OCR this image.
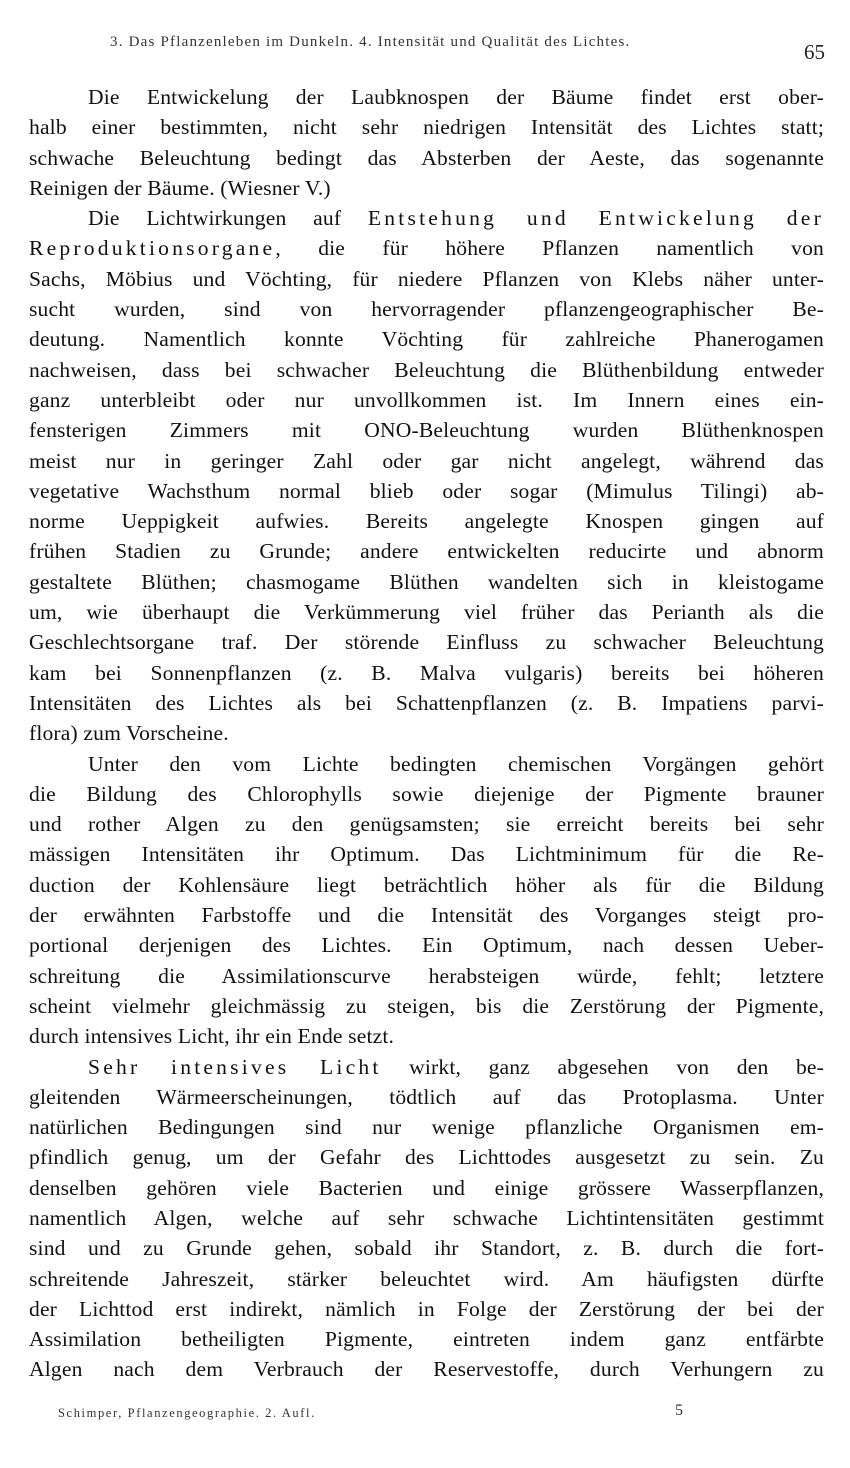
3. Das Pflanzenleben im Dunkeln. 4. Intensität und Qualität des Lichtes.	65
Die Entwickelung der Laubknospen der Bäume findet erst ober-
halb einer bestimmten, nicht sehr niedrigen Intensität des Lichtes statt;
schwache Beleuchtung bedingt das Absterben der Aeste, das sogenannte
Reinigen der Bäume. (Wiesner V.)
Die Lichtwirkungen auf Entstehung und Entwickelung der
Reproduktionsorgane, die für höhere Pflanzen namentlich von
Sachs, Möbius und Vöchting, für niedere Pflanzen von Klebs näher unter-
sucht wurden, sind von hervorragender pflanzengeographischer Be-
deutung. Namentlich konnte Vöchting für zahlreiche Phanerogamen
nachweisen, dass bei schwacher Beleuchtung die Blüthenbildung entweder
ganz unterbleibt oder nur unvollkommen ist. Im Innern eines ein-
fensterigen Zimmers mit ONO-Beleuchtung wurden Blüthenknospen
meist nur in geringer Zahl oder gar nicht angelegt, während das
vegetative Wachsthum normal blieb oder sogar (Mimulus Tilingi) ab-
norme Ueppigkeit aufwies. Bereits angelegte Knospen gingen auf
frühen Stadien zu Grunde; andere entwickelten reducirte und abnorm
gestaltete Blüthen; chasmogame Blüthen wandelten sich in kleistogame
um, wie überhaupt die Verkümmerung viel früher das Perianth als die
Geschlechtsorgane traf. Der störende Einfluss zu schwacher Beleuchtung
kam bei Sonnenpflanzen (z. B. Malva vulgaris) bereits bei höheren
Intensitäten des Lichtes als bei Schattenpflanzen (z. B. Impatiens parvi-
flora) zum Vorscheine.
Unter den vom Lichte bedingten chemischen Vorgängen gehört
die Bildung des Chlorophylls sowie diejenige der Pigmente brauner
und rother Algen zu den genügsamsten; sie erreicht bereits bei sehr
mässigen Intensitäten ihr Optimum. Das Lichtminimum für die Re-
duction der Kohlensäure liegt beträchtlich höher als für die Bildung
der erwähnten Farbstoffe und die Intensität des Vorganges steigt pro-
portional derjenigen des Lichtes. Ein Optimum, nach dessen Ueber-
schreitung die Assimilationscurve herabsteigen würde, fehlt; letztere
scheint vielmehr gleichmässig zu steigen, bis die Zerstörung der Pigmente,
durch intensives Licht, ihr ein Ende setzt.
Sehr intensives Licht wirkt, ganz abgesehen von den be-
gleitenden Wärmeerscheinungen, tödtlich auf das Protoplasma. Unter
natürlichen Bedingungen sind nur wenige pflanzliche Organismen em-
pfindlich genug, um der Gefahr des Lichttodes ausgesetzt zu sein. Zu
denselben gehören viele Bacterien und einige grössere Wasserpflanzen,
namentlich Algen, welche auf sehr schwache Lichtintensitäten gestimmt
sind und zu Grunde gehen, sobald ihr Standort, z. B. durch die fort-
schreitende Jahreszeit, stärker beleuchtet wird. Am häufigsten dürfte
der Lichttod erst indirekt, nämlich in Folge der Zerstörung der bei der
Assimilation betheiligten Pigmente, eintreten indem ganz entfärbte
Algen nach dem Verbrauch der Reservestoffe, durch Verhungern zu
Schimper, Pflanzengeographie. 2. Aufl.	5
